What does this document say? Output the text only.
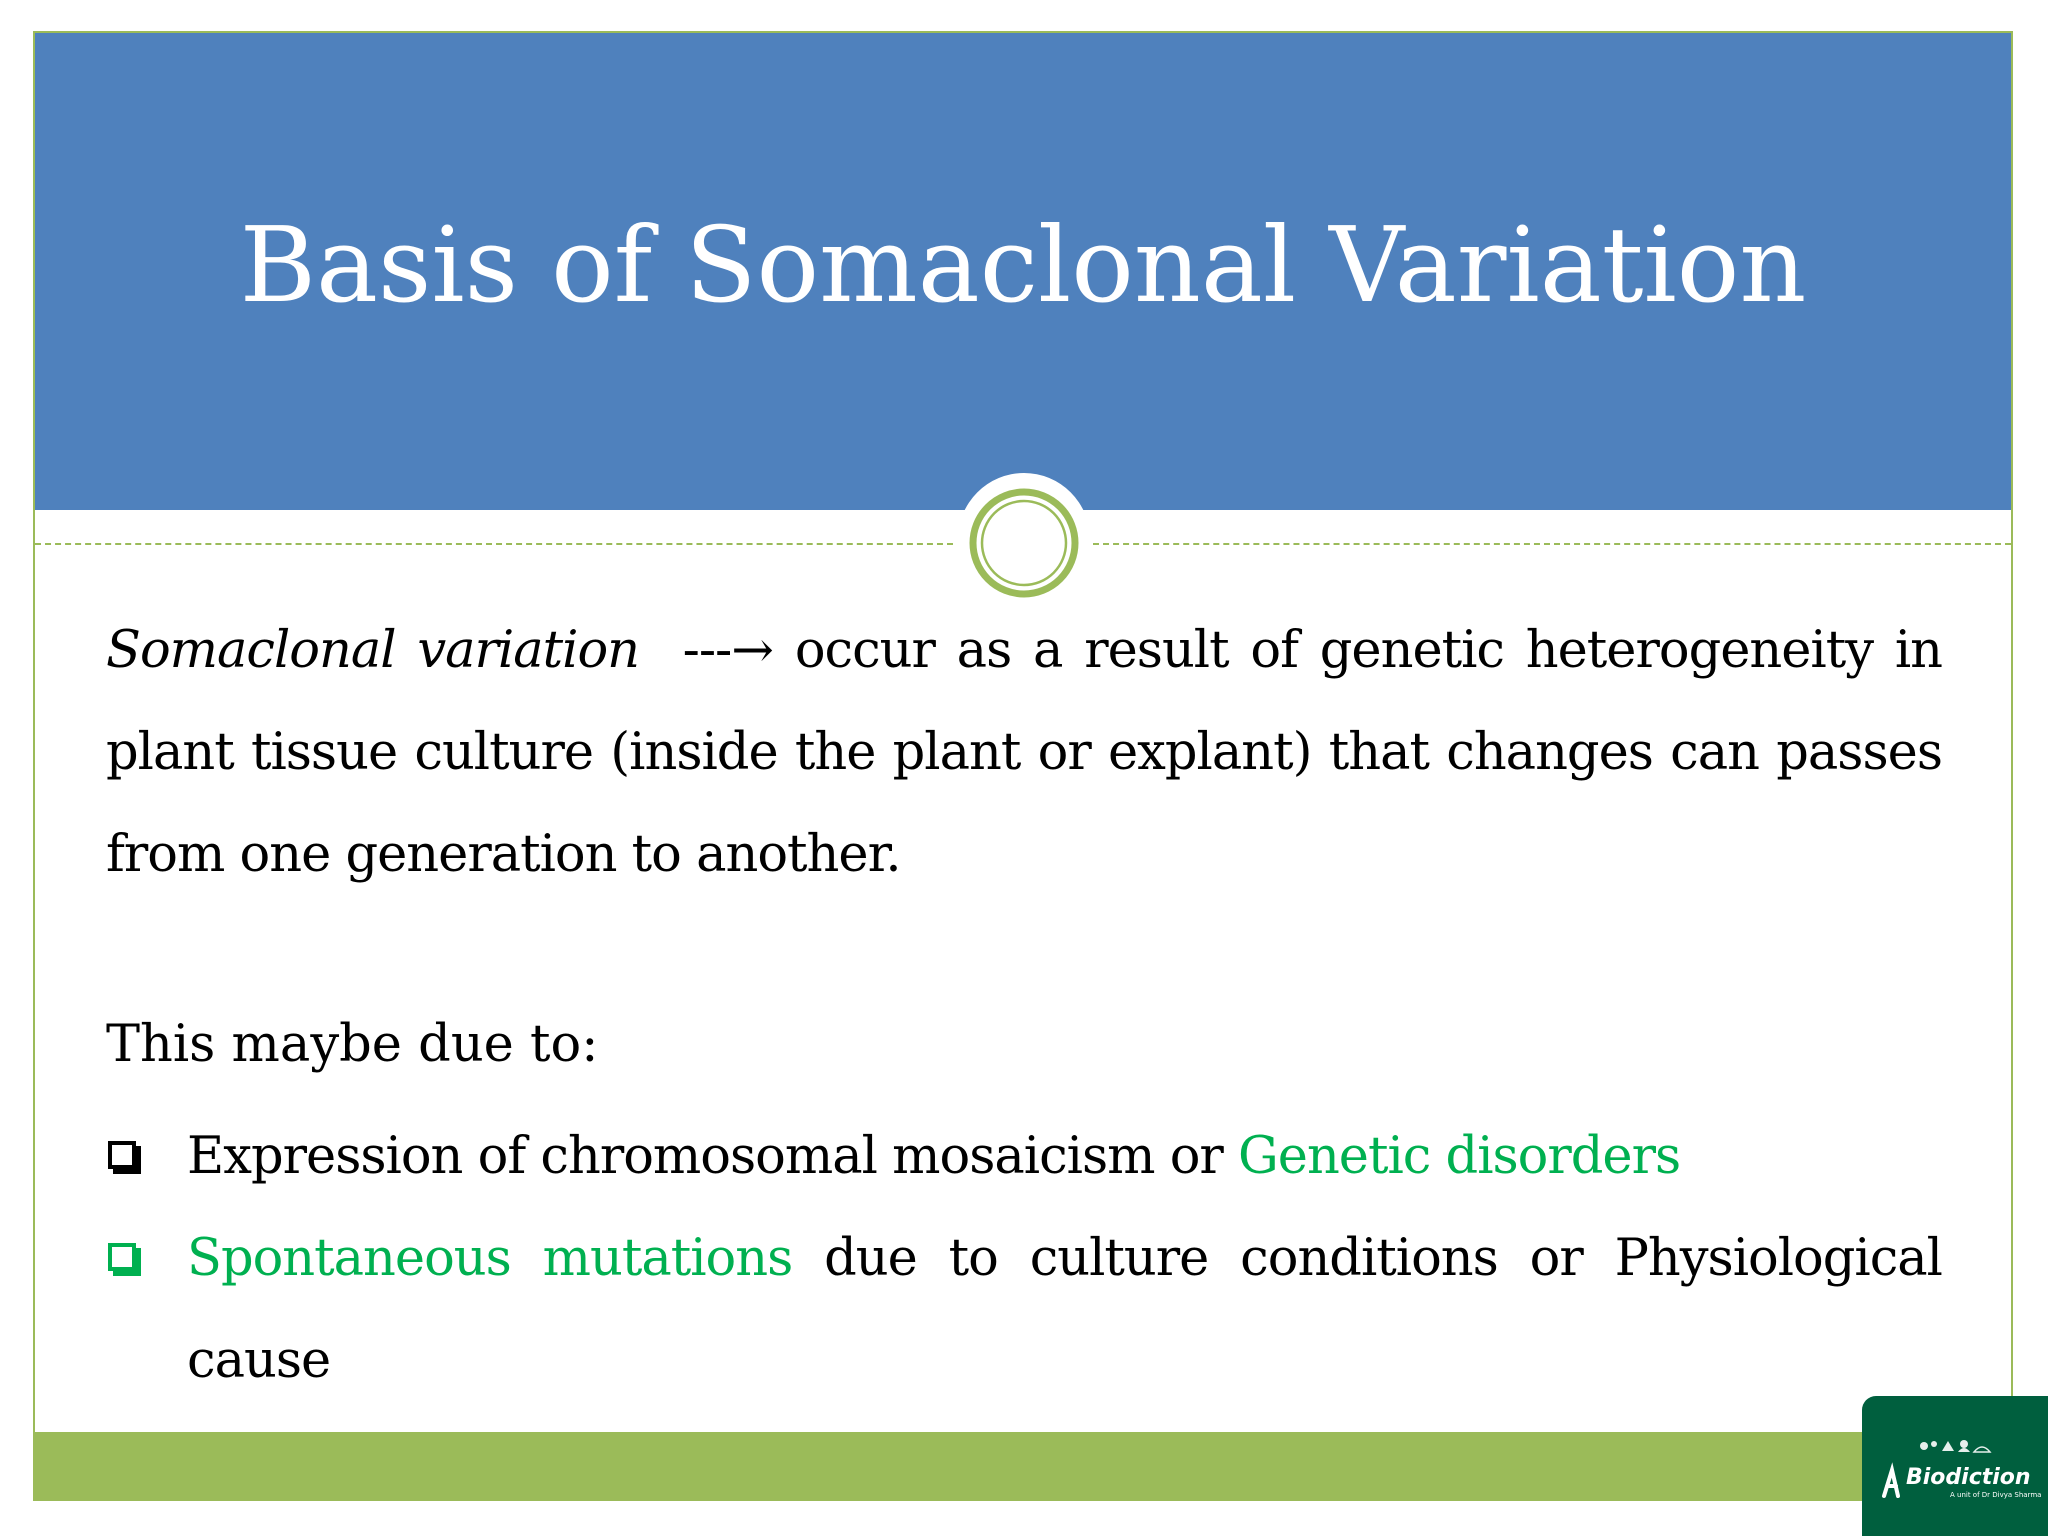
Basis of Somaclonal Variation

Somaclonal variation ---→ occur as a result of genetic heterogeneity in plant tissue culture (inside the plant or explant) that changes can passes from one generation to another.

This maybe due to:

Expression of chromosomal mosaicism or Genetic disorders
Spontaneous mutations due to culture conditions or Physiological cause
Biodiction
A unit of Dr Divya Sharma
